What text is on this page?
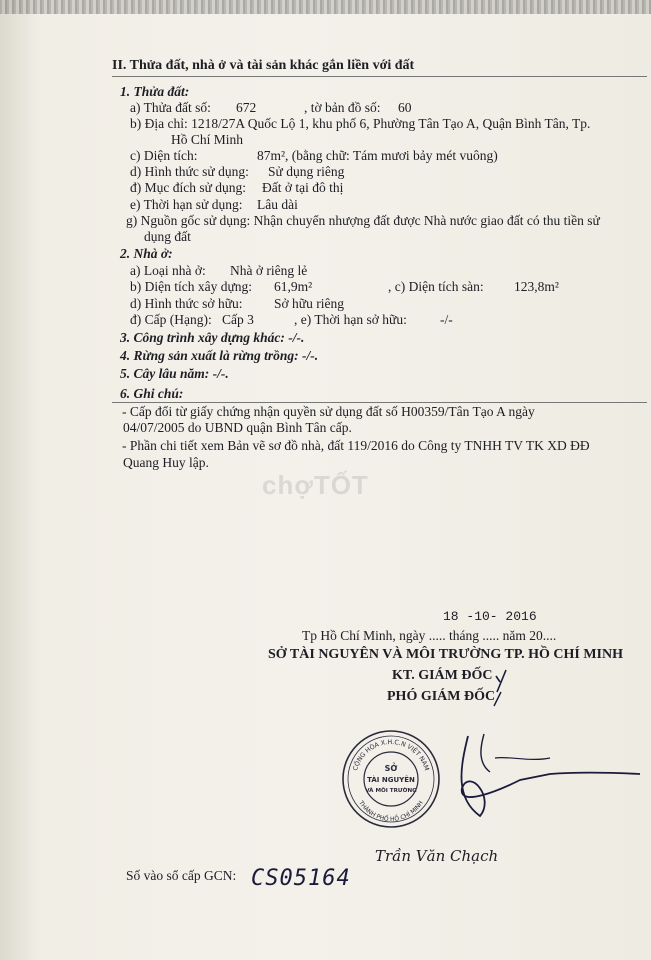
II. Thửa đất, nhà ở và tài sản khác gắn liền với đất
1. Thửa đất:
a) Thửa đất số: 672	, tờ bản đồ số: 60
b) Địa chỉ: 1218/27A Quốc Lộ 1, khu phố 6, Phường Tân Tạo A, Quận Bình Tân, Tp.
Hồ Chí Minh
c) Diện tích:	87m², (bằng chữ: Tám mươi bảy mét vuông)
d) Hình thức sử dụng: Sử dụng riêng
đ) Mục đích sử dụng: Đất ở tại đô thị
e) Thời hạn sử dụng: Lâu dài
g) Nguồn gốc sử dụng: Nhận chuyển nhượng đất được Nhà nước giao đất có thu tiền sử
dụng đất
2. Nhà ở:
a) Loại nhà ở: Nhà ở riêng lẻ
b) Diện tích xây dựng: 61,9m²	, c) Diện tích sàn: 123,8m²
d) Hình thức sở hữu: Sở hữu riêng
đ) Cấp (Hạng): Cấp 3	, e) Thời hạn sở hữu: -/-
3. Công trình xây dựng khác: -/-.
4. Rừng sản xuất là rừng trồng: -/-.
5. Cây lâu năm: -/-.
6. Ghi chú:
- Cấp đổi từ giấy chứng nhận quyền sử dụng đất số H00359/Tân Tạo A ngày
04/07/2005 do UBND quận Bình Tân cấp.
- Phần chi tiết xem Bản vẽ sơ đồ nhà, đất 119/2016 do Công ty TNHH TV TK XD ĐĐ
Quang Huy lập.
chợTỐT
18 -10- 2016
Tp Hồ Chí Minh, ngày ..... tháng ..... năm 20....
SỞ TÀI NGUYÊN VÀ MÔI TRƯỜNG TP. HỒ CHÍ MINH
KT. GIÁM ĐỐC
PHÓ GIÁM ĐỐC
CỘNG HÒA X.H.C.N VIỆT NAM
THÀNH PHỐ HỒ CHÍ MINH
SỞ
TÀI NGUYÊN
VÀ MÔI TRƯỜNG
Trần Văn Chạch
Số vào sổ cấp GCN: CS05164
